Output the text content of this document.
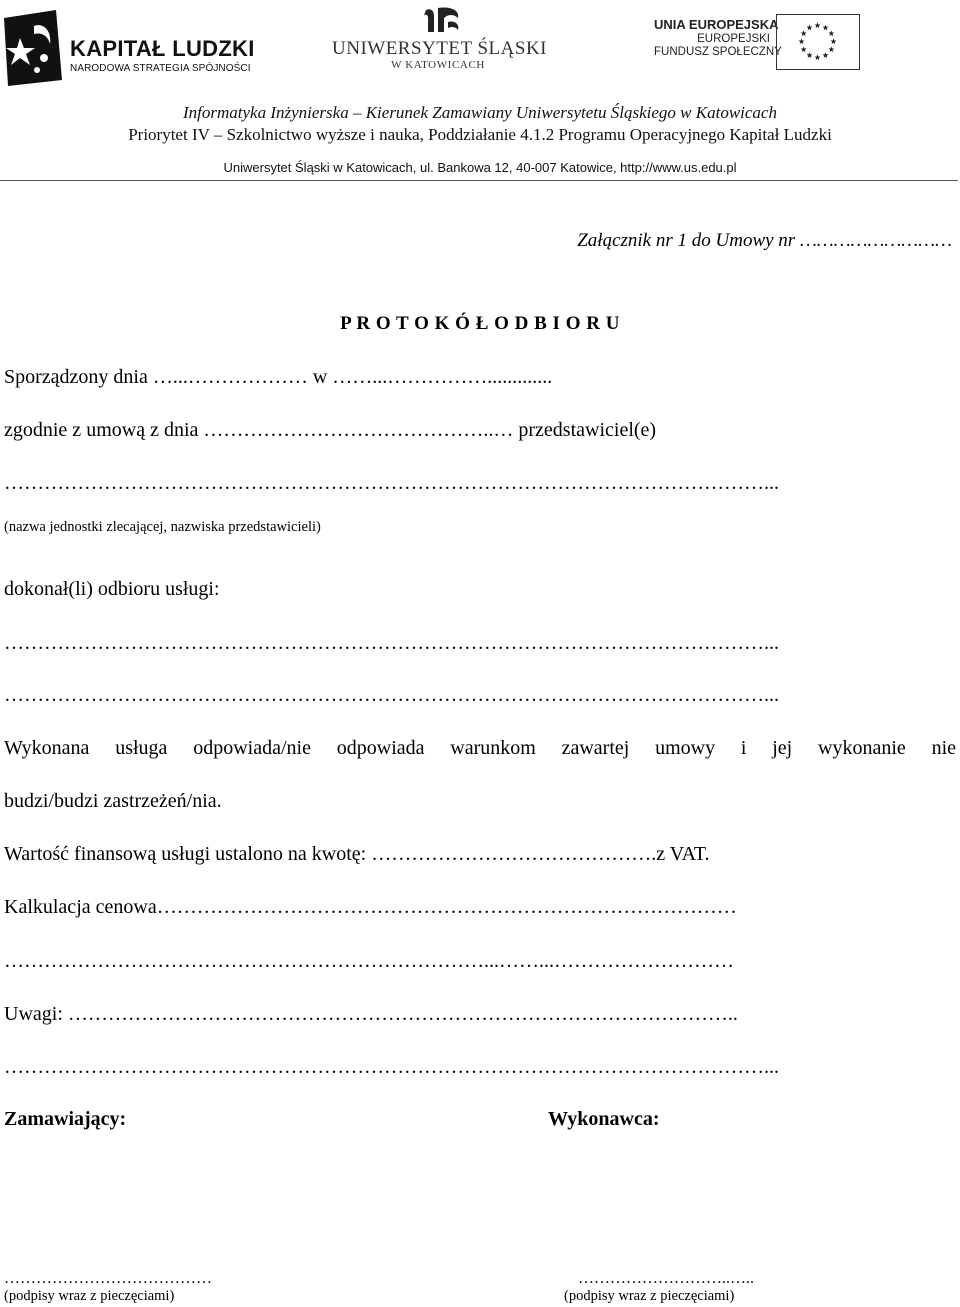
KAPITAŁ LUDZKI
NARODOWA STRATEGIA SPÓJNOŚCI
UNIWERSYTET ŚLĄSKI
W KATOWICACH
UNIA EUROPEJSKA
EUROPEJSKI
FUNDUSZ SPOŁECZNY
Informatyka Inżynierska – Kierunek Zamawiany Uniwersytetu Śląskiego w Katowicach
Priorytet IV – Szkolnictwo wyższe i nauka, Poddziałanie 4.1.2 Programu Operacyjnego Kapitał Ludzki
Uniwersytet Śląski w Katowicach, ul. Bankowa 12, 40-007 Katowice, http://www.us.edu.pl
Załącznik nr 1 do Umowy nr ………………………
P R O T O K Ó Ł O D B I O R U
Sporządzony dnia …...……………… w ……...…………….............
zgodnie z umową z dnia ……………………………………..… przedstawiciel(e)
……………………………………………………………………………………………………...
(nazwa jednostki zlecającej, nazwiska przedstawicieli)
dokonał(li) odbioru usługi:
……………………………………………………………………………………………………...
……………………………………………………………………………………………………...
Wykonana usługa odpowiada/nie odpowiada warunkom zawartej umowy i jej wykonanie nie
budzi/budzi zastrzeżeń/nia.
Wartość finansową usługi ustalono na kwotę: …………………………………….z VAT.
Kalkulacja cenowa……………………………………………………………………………
………………………………………………………………...……...………………………
Uwagi: ………………………………………………………………………………………..
……………………………………………………………………………………………………...
Zamawiający:	Wykonawca:
…………………………………	………………………..…..
(podpisy wraz z pieczęciami)	(podpisy wraz z pieczęciami)
